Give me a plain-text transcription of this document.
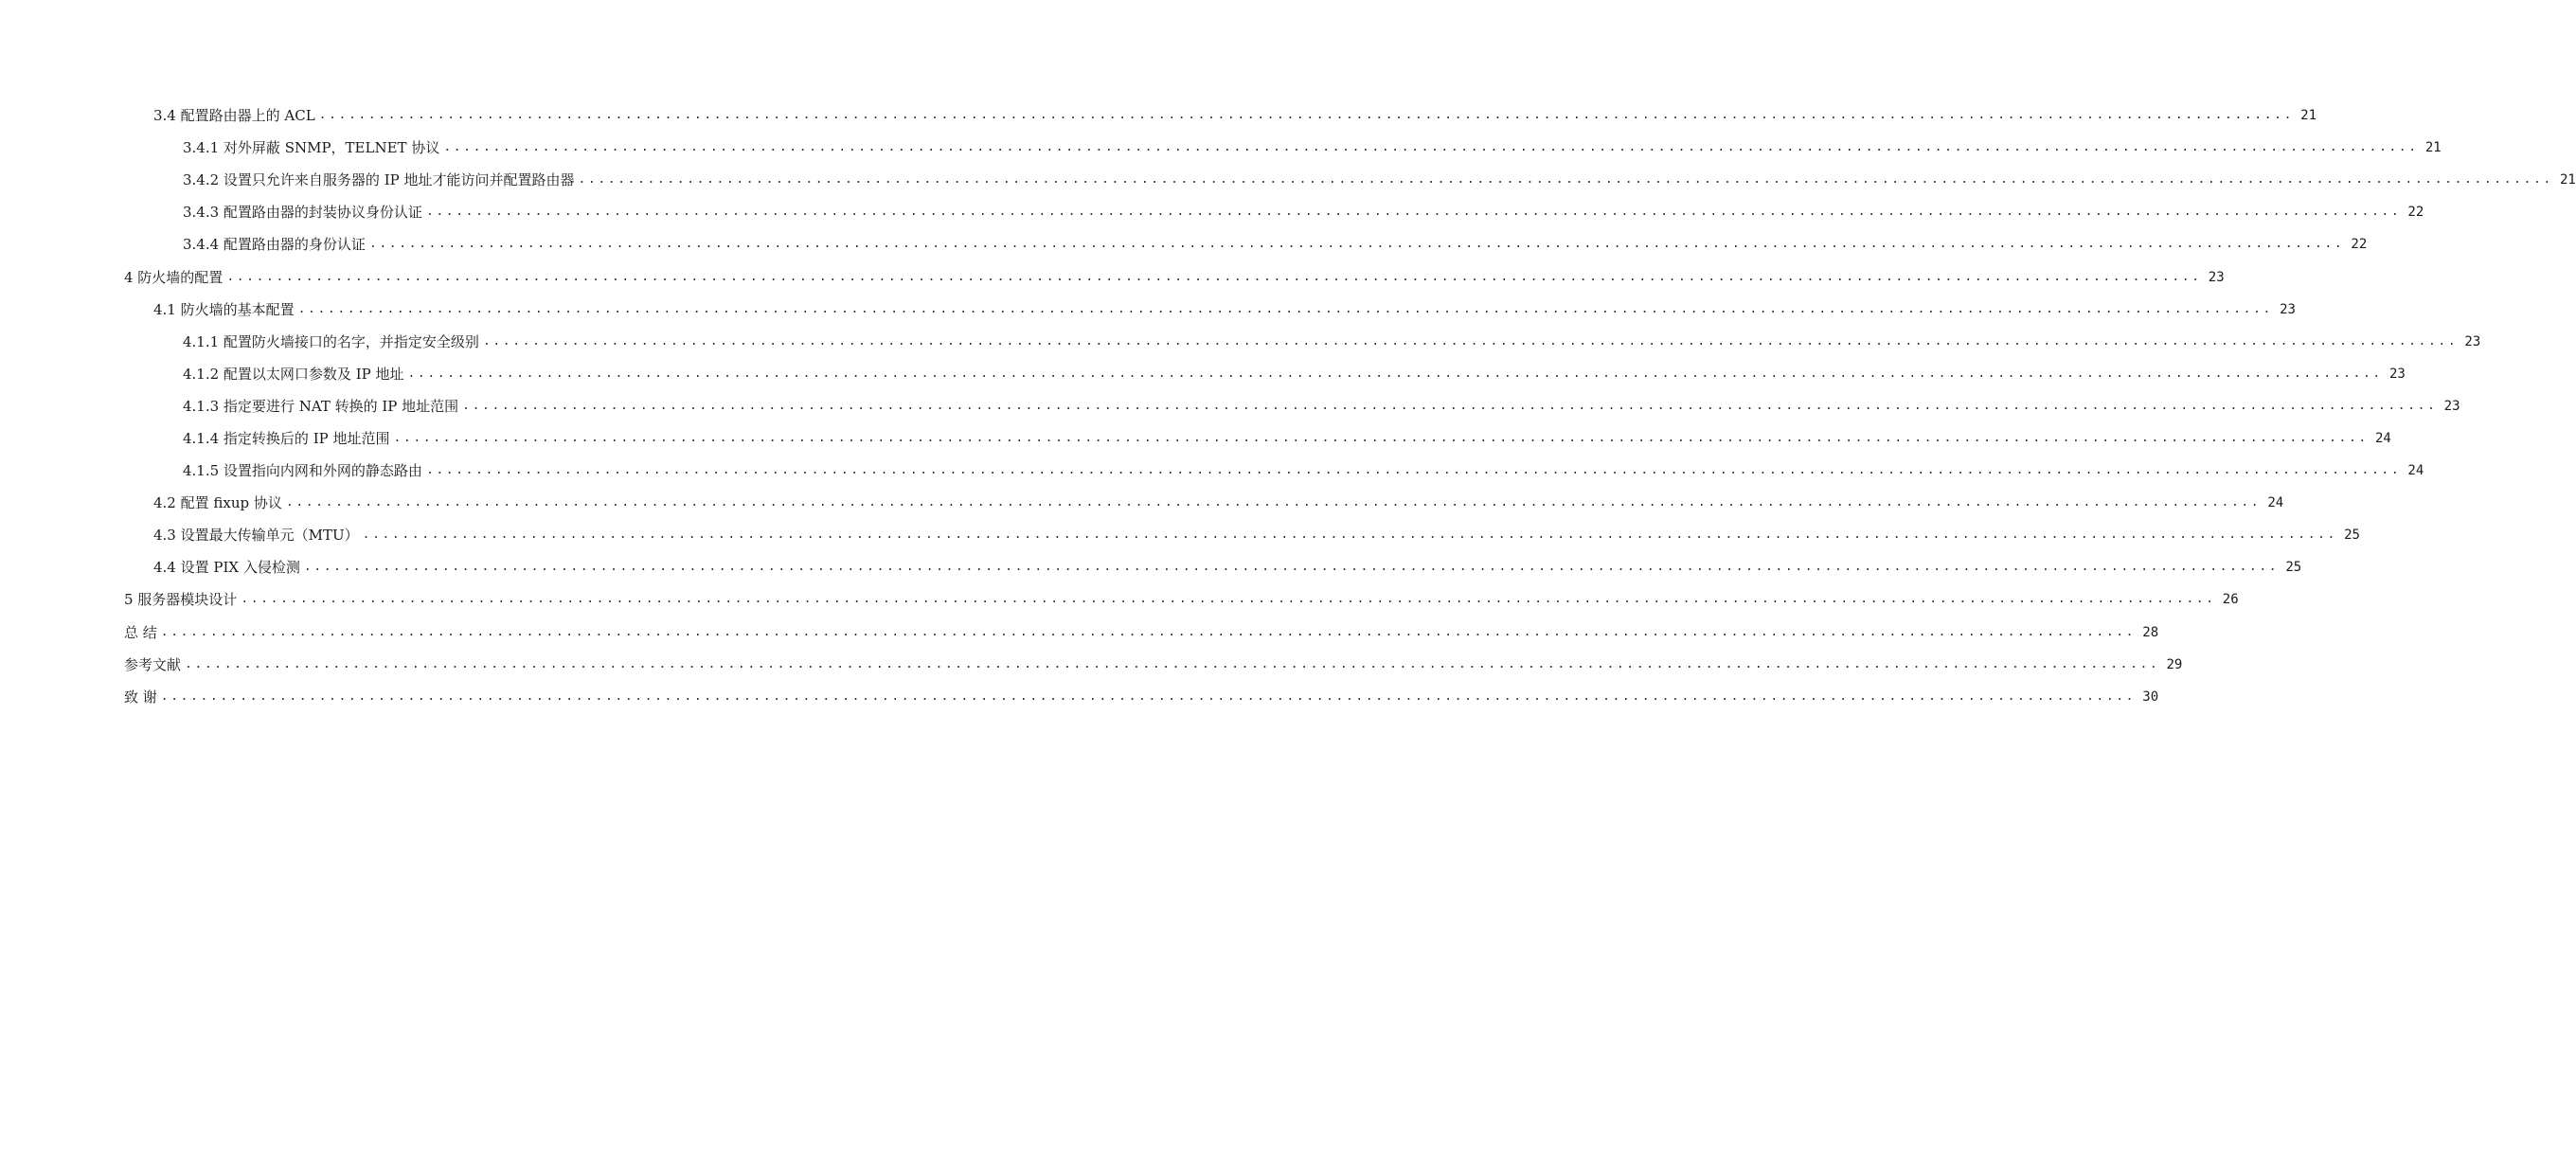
3.4 配置路由器上的 ACL ........................................................................................................................................................................................................ 21
3.4.1 对外屏蔽 SNMP，TELNET 协议 ........................................................................................................................................................................................................ 21
3.4.2 设置只允许来自服务器的 IP 地址才能访问并配置路由器 ........................................................................................................................................................................................................ 21
3.4.3 配置路由器的封装协议身份认证 ........................................................................................................................................................................................................ 22
3.4.4 配置路由器的身份认证 ........................................................................................................................................................................................................ 22
4 防火墙的配置 ........................................................................................................................................................................................................ 23
4.1 防火墙的基本配置 ........................................................................................................................................................................................................ 23
4.1.1 配置防火墙接口的名字，并指定安全级别 ........................................................................................................................................................................................................ 23
4.1.2 配置以太网口参数及 IP 地址 ........................................................................................................................................................................................................ 23
4.1.3 指定要进行 NAT 转换的 IP 地址范围 ........................................................................................................................................................................................................ 23
4.1.4 指定转换后的 IP 地址范围 ........................................................................................................................................................................................................ 24
4.1.5 设置指向内网和外网的静态路由 ........................................................................................................................................................................................................ 24
4.2 配置 fixup 协议 ........................................................................................................................................................................................................ 24
4.3 设置最大传输单元（MTU） ........................................................................................................................................................................................................ 25
4.4 设置 PIX 入侵检测 ........................................................................................................................................................................................................ 25
5 服务器模块设计 ........................................................................................................................................................................................................ 26
总 结 ........................................................................................................................................................................................................ 28
参考文献 ........................................................................................................................................................................................................ 29
致 谢 ........................................................................................................................................................................................................ 30
